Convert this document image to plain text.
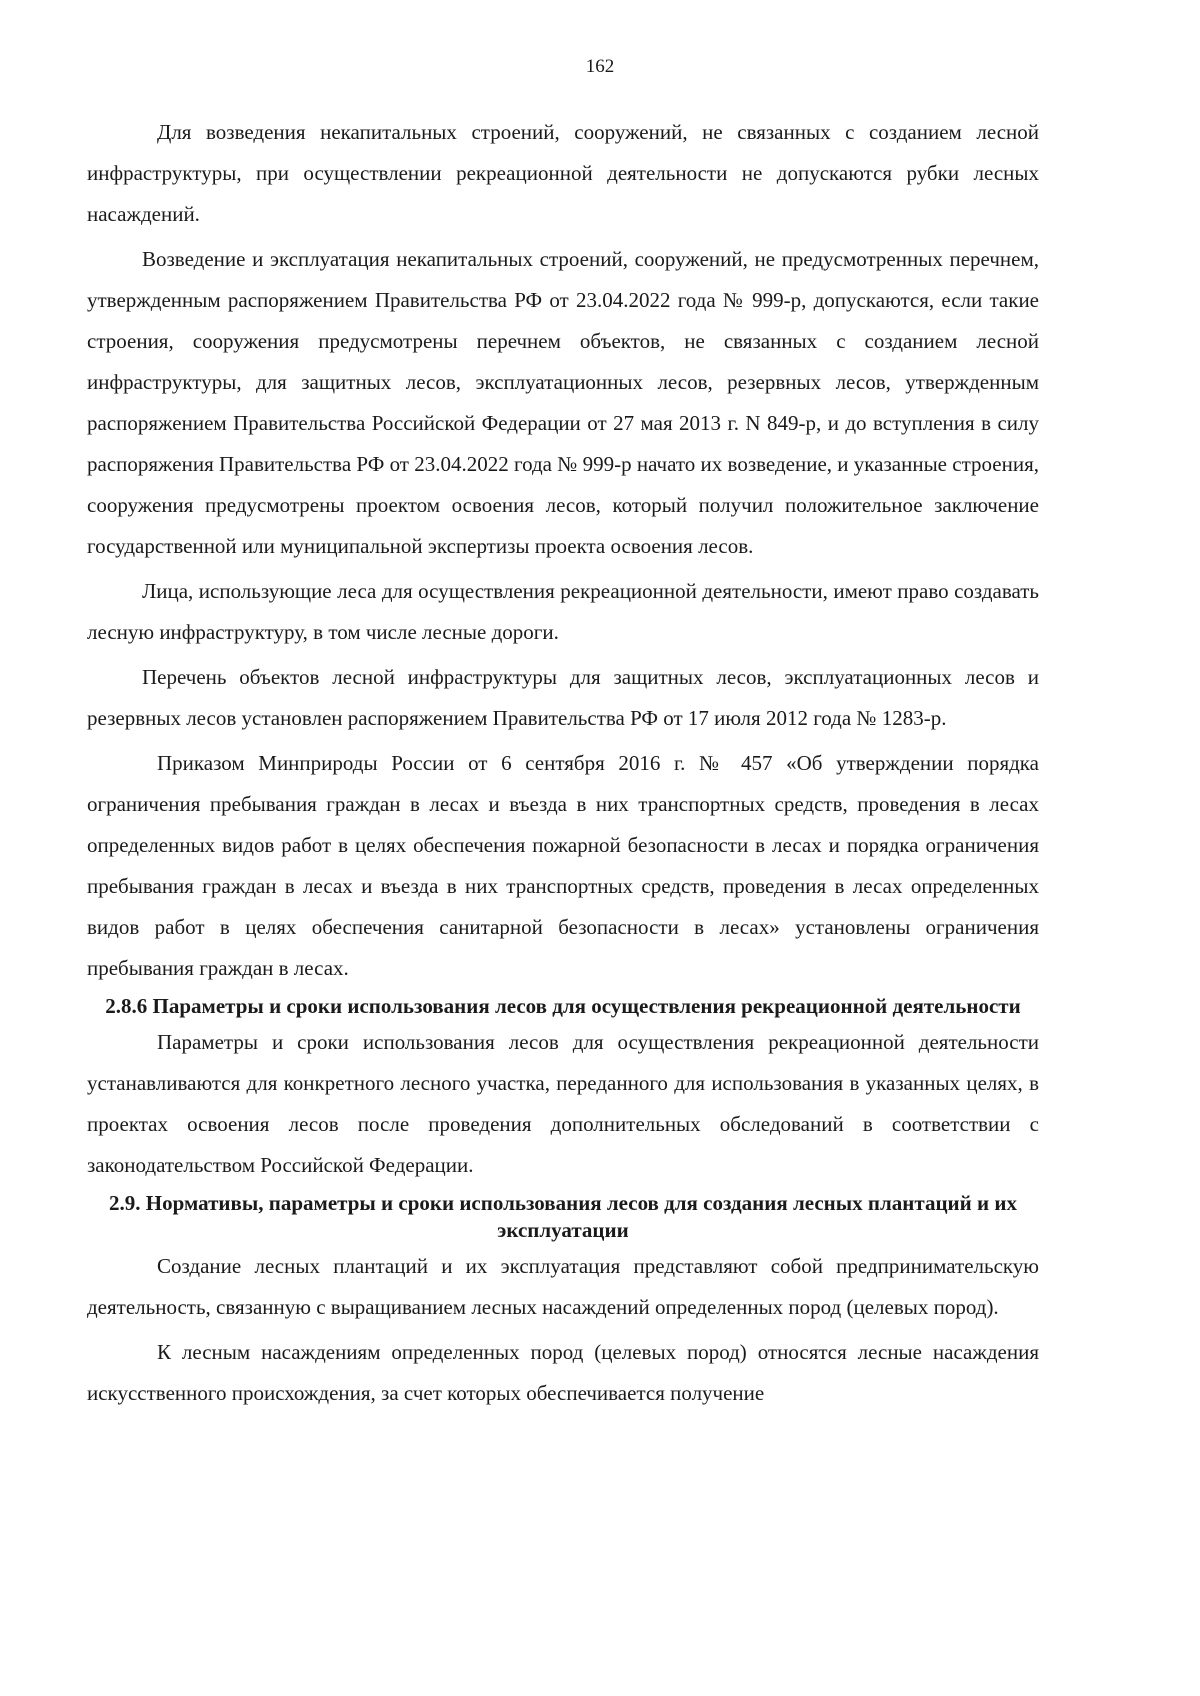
162

Для возведения некапитальных строений, сооружений, не связанных с созданием лесной инфраструктуры, при осуществлении рекреационной деятельности не допускаются рубки лесных насаждений.

Возведение и эксплуатация некапитальных строений, сооружений, не предусмотренных перечнем, утвержденным распоряжением Правительства РФ от 23.04.2022 года № 999-р, допускаются, если такие строения, сооружения предусмотрены перечнем объектов, не связанных с созданием лесной инфраструктуры, для защитных лесов, эксплуатационных лесов, резервных лесов, утвержденным распоряжением Правительства Российской Федерации от 27 мая 2013 г. N 849-р, и до вступления в силу распоряжения Правительства РФ от 23.04.2022 года № 999-р начато их возведение, и указанные строения, сооружения предусмотрены проектом освоения лесов, который получил положительное заключение государственной или муниципальной экспертизы проекта освоения лесов.

Лица, использующие леса для осуществления рекреационной деятельности, имеют право создавать лесную инфраструктуру, в том числе лесные дороги.

Перечень объектов лесной инфраструктуры для защитных лесов, эксплуатационных лесов и резервных лесов установлен распоряжением Правительства РФ от 17 июля 2012 года № 1283-р.

Приказом Минприроды России от 6 сентября 2016 г. № 457 «Об утверждении порядка ограничения пребывания граждан в лесах и въезда в них транспортных средств, проведения в лесах определенных видов работ в целях обеспечения пожарной безопасности в лесах и порядка ограничения пребывания граждан в лесах и въезда в них транспортных средств, проведения в лесах определенных видов работ в целях обеспечения санитарной безопасности в лесах» установлены ограничения пребывания граждан в лесах.

2.8.6 Параметры и сроки использования лесов для осуществления рекреационной деятельности

Параметры и сроки использования лесов для осуществления рекреационной деятельности устанавливаются для конкретного лесного участка, переданного для использования в указанных целях, в проектах освоения лесов после проведения дополнительных обследований в соответствии с законодательством Российской Федерации.

2.9. Нормативы, параметры и сроки использования лесов для создания лесных плантаций и их эксплуатации

Создание лесных плантаций и их эксплуатация представляют собой предпринимательскую деятельность, связанную с выращиванием лесных насаждений определенных пород (целевых пород).

К лесным насаждениям определенных пород (целевых пород) относятся лесные насаждения искусственного происхождения, за счет которых обеспечивается получение
